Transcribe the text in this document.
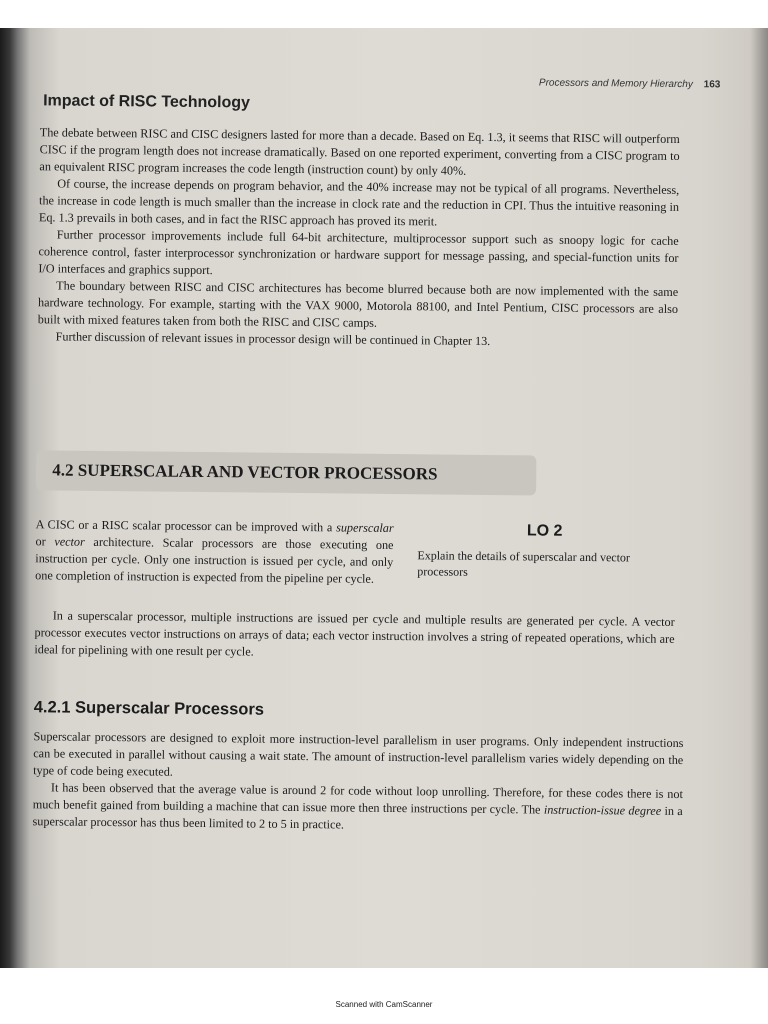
Processors and Memory Hierarchy 163
Impact of RISC Technology

The debate between RISC and CISC designers lasted for more than a decade. Based on Eq. 1.3, it seems that RISC will outperform CISC if the program length does not increase dramatically. Based on one reported experiment, converting from a CISC program to an equivalent RISC program increases the code length (instruction count) by only 40%.

Of course, the increase depends on program behavior, and the 40% increase may not be typical of all programs. Nevertheless, the increase in code length is much smaller than the increase in clock rate and the reduction in CPI. Thus the intuitive reasoning in Eq. 1.3 prevails in both cases, and in fact the RISC approach has proved its merit.

Further processor improvements include full 64-bit architecture, multiprocessor support such as snoopy logic for cache coherence control, faster interprocessor synchronization or hardware support for message passing, and special-function units for I/O interfaces and graphics support.

The boundary between RISC and CISC architectures has become blurred because both are now implemented with the same hardware technology. For example, starting with the VAX 9000, Motorola 88100, and Intel Pentium, CISC processors are also built with mixed features taken from both the RISC and CISC camps.

Further discussion of relevant issues in processor design will be continued in Chapter 13.

4.2 SUPERSCALAR AND VECTOR PROCESSORS
LO 2
Explain the details of superscalar and vector processors

A CISC or a RISC scalar processor can be improved with a superscalar or vector architecture. Scalar processors are those executing one instruction per cycle. Only one instruction is issued per cycle, and only one completion of instruction is expected from the pipeline per cycle.

In a superscalar processor, multiple instructions are issued per cycle and multiple results are generated per cycle. A vector processor executes vector instructions on arrays of data; each vector instruction involves a string of repeated operations, which are ideal for pipelining with one result per cycle.

4.2.1 Superscalar Processors

Superscalar processors are designed to exploit more instruction-level parallelism in user programs. Only independent instructions can be executed in parallel without causing a wait state. The amount of instruction-level parallelism varies widely depending on the type of code being executed.

It has been observed that the average value is around 2 for code without loop unrolling. Therefore, for these codes there is not much benefit gained from building a machine that can issue more then three instructions per cycle. The instruction-issue degree in a superscalar processor has thus been limited to 2 to 5 in practice.

Scanned with CamScanner
